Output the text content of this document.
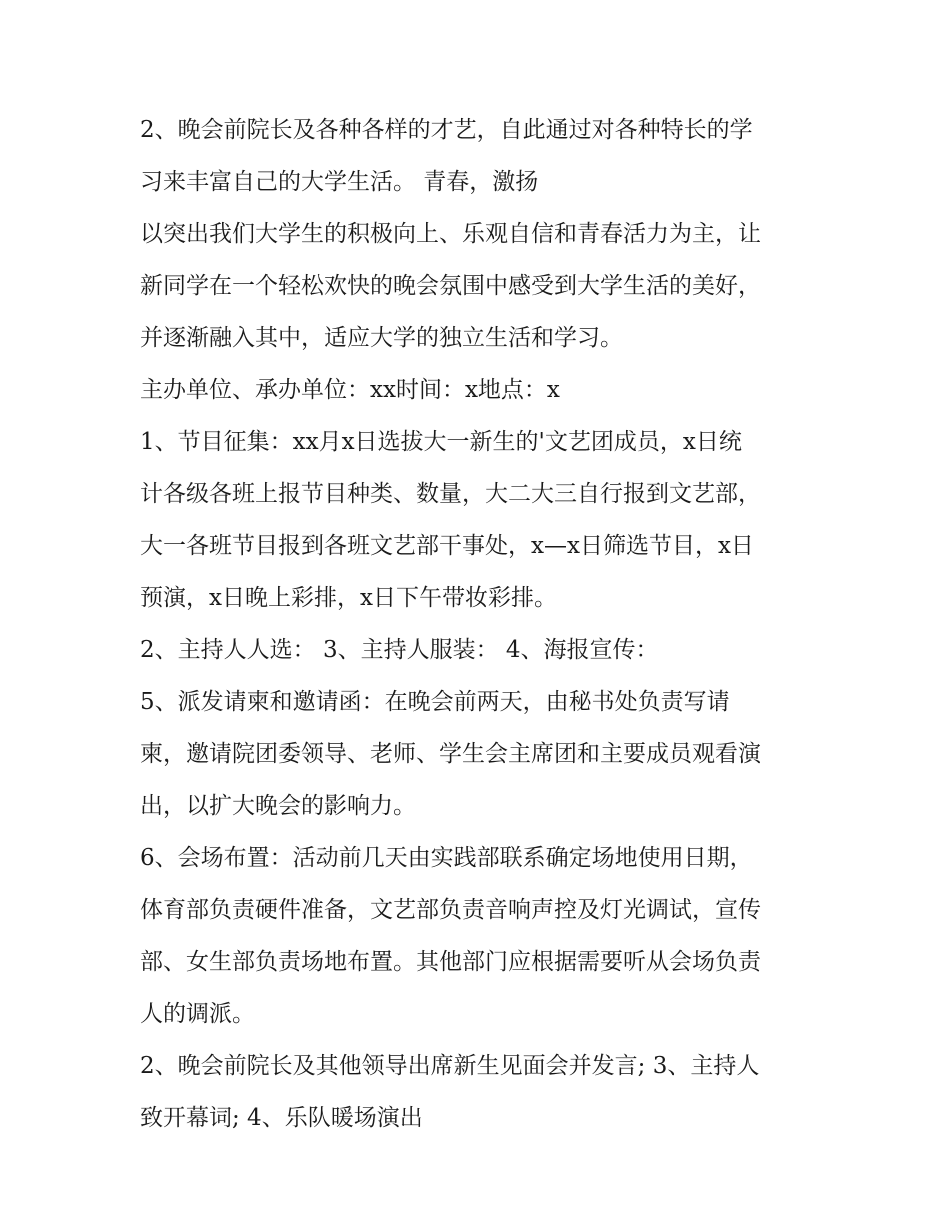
2、晚会前院长及各种各样的才艺，自此通过对各种特长的学
习来丰富自己的大学生活。 青春，激扬
以突出我们大学生的积极向上、乐观自信和青春活力为主，让
新同学在一个轻松欢快的晚会氛围中感受到大学生活的美好，
并逐渐融入其中，适应大学的独立生活和学习。
主办单位、承办单位：xx时间：x地点：x
1、节目征集：xx月x日选拔大一新生的'文艺团成员，x日统
计各级各班上报节目种类、数量，大二大三自行报到文艺部，
大一各班节目报到各班文艺部干事处，x—x日筛选节目，x日
预演，x日晚上彩排，x日下午带妆彩排。
2、主持人人选： 3、主持人服装： 4、海报宣传：
5、派发请柬和邀请函：在晚会前两天，由秘书处负责写请
柬，邀请院团委领导、老师、学生会主席团和主要成员观看演
出，以扩大晚会的影响力。
6、会场布置：活动前几天由实践部联系确定场地使用日期，
体育部负责硬件准备，文艺部负责音响声控及灯光调试，宣传
部、女生部负责场地布置。其他部门应根据需要听从会场负责
人的调派。
2、晚会前院长及其他领导出席新生见面会并发言; 3、主持人
致开幕词; 4、乐队暖场演出
